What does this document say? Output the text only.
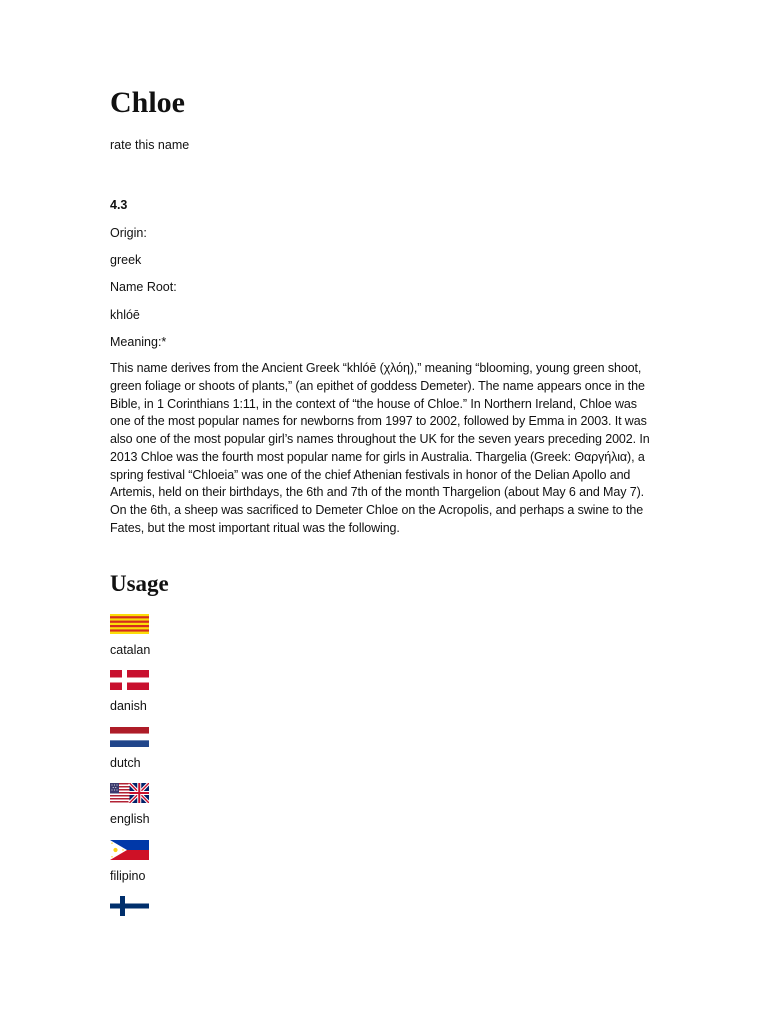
Chloe
rate this name
4.3
Origin:
greek
Name Root:
khlóē
Meaning:*

This name derives from the Ancient Greek “khlóē (χλόη),” meaning “blooming, young green shoot, green foliage or shoots of plants,” (an epithet of goddess Demeter). The name appears once in the Bible, in 1 Corinthians 1:11, in the context of “the house of Chloe.” In Northern Ireland, Chloe was one of the most popular names for newborns from 1997 to 2002, followed by Emma in 2003. It was also one of the most popular girl’s names throughout the UK for the seven years preceding 2002. In 2013 Chloe was the fourth most popular name for girls in Australia. Thargelia (Greek: Θαργήλια), a spring festival “Chloeia” was one of the chief Athenian festivals in honor of the Delian Apollo and Artemis, held on their birthdays, the 6th and 7th of the month Thargelion (about May 6 and May 7). On the 6th, a sheep was sacrificed to Demeter Chloe on the Acropolis, and perhaps a swine to the Fates, but the most important ritual was the following.

Usage
catalan
danish
dutch
english
filipino
